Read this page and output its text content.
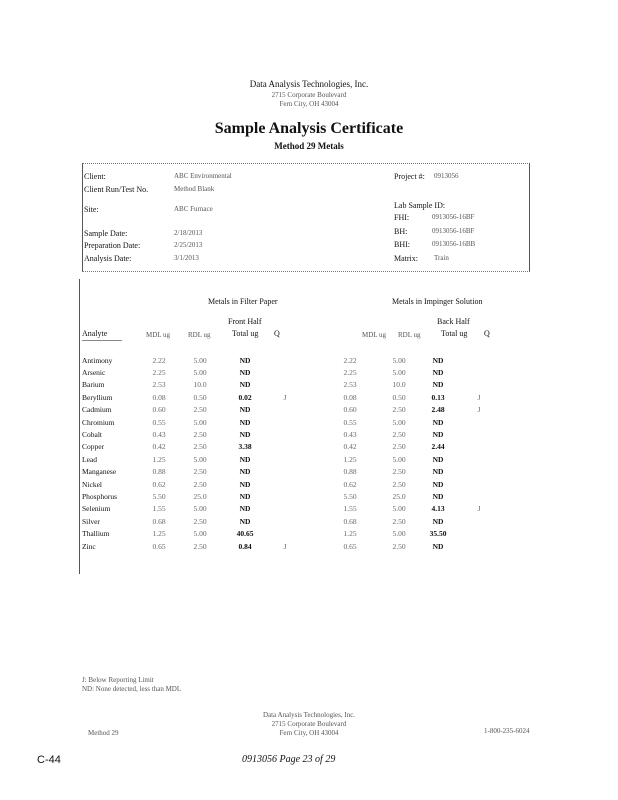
Data Analysis Technologies, Inc.
2715 Corporate Boulevard
Fern City, OH 43004
Sample Analysis Certificate
Method 29 Metals
Client:	ABC Environmental
Client Run/Test No.	Method Blank
Site:	ABC Furnace
Sample Date:	2/18/2013
Preparation Date:	2/25/2013
Analysis Date:	3/1/2013
Project #: 0913056
Lab Sample ID:
FHI:	0913056-16BF
BH:	0913056-16BF
BHI:	0913056-16BB
Matrix: Train
Metals in Filter Paper	Metals in Impinger Solution
Front Half
Total ug
Back Half
Total ug
Analyte	MDL ug	RDL ug	Q	MDL ug RDL ug	Q
Antimony	2.22	5.00	ND		2.22	5.00	ND	
Arsenic	2.25	5.00	ND		2.25	5.00	ND	
Barium	2.53	10.0	ND		2.53	10.0	ND	
Beryllium	0.08	0.50	0.02	J	0.08	0.50	0.13	J
Cadmium	0.60	2.50	ND		0.60	2.50	2.48	J
Chromium	0.55	5.00	ND		0.55	5.00	ND	
Cobalt	0.43	2.50	ND		0.43	2.50	ND	
Copper	0.42	2.50	3.38		0.42	2.50	2.44	
Lead	1.25	5.00	ND		1.25	5.00	ND	
Manganese	0.88	2.50	ND		0.88	2.50	ND	
Nickel	0.62	2.50	ND		0.62	2.50	ND	
Phosphorus	5.50	25.0	ND		5.50	25.0	ND	
Selenium	1.55	5.00	ND		1.55	5.00	4.13	J
Silver	0.68	2.50	ND		0.68	2.50	ND	
Thallium	1.25	5.00	40.65		1.25	5.00	35.50	
Zinc	0.65	2.50	0.84	J	0.65	2.50	ND	
J: Below Reporting Limit
ND: None detected, less than MDL
Data Analysis Technologies, Inc.
2715 Corporate Boulevard
Fern City, OH 43004
Method 29	1-800-235-6024
C-44	0913056 Page 23 of 29
